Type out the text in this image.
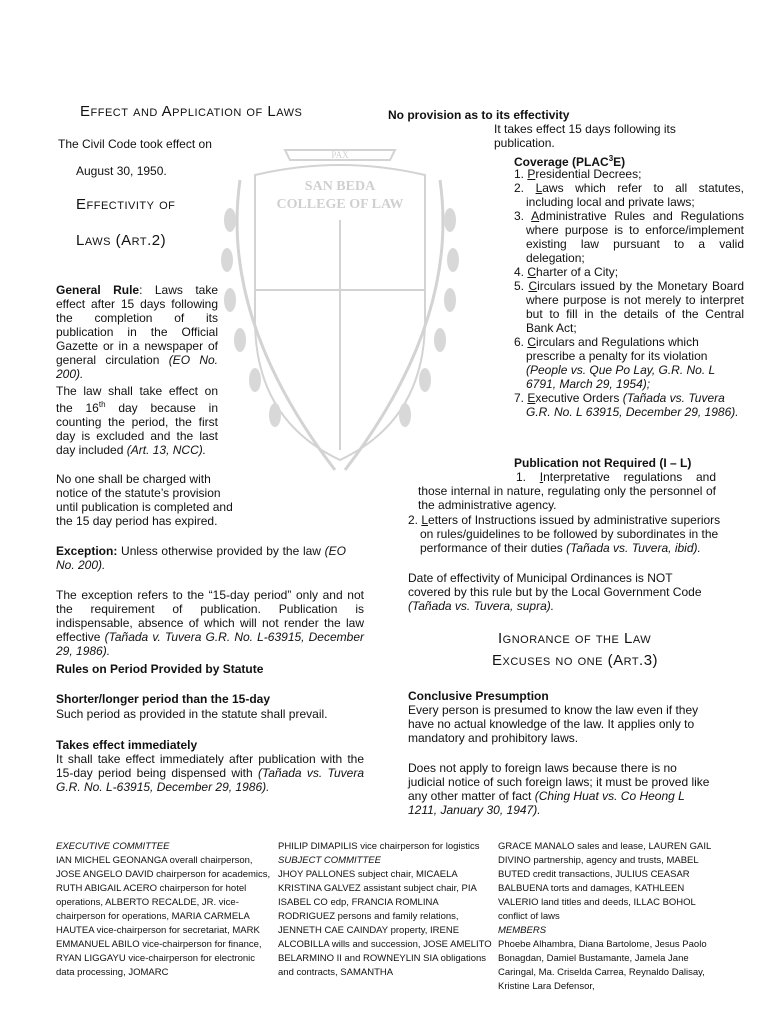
PAX
SAN BEDA
COLLEGE OF LAW
Effect and Application of Laws
The Civil Code took effect on
August 30, 1950.
Effectivity of
Laws (Art.2)
General Rule: Laws take effect after 15 days following the completion of its publication in the Official Gazette or in a newspaper of general circulation (EO No. 200).
The law shall take effect on the 16th day because in counting the period, the first day is excluded and the last day included (Art. 13, NCC).
No one shall be charged with notice of the statute’s provision until publication is completed and the 15 day period has expired.
Exception: Unless otherwise provided by the law (EO No. 200).
The exception refers to the “15-day period” only and not the requirement of publication. Publication is indispensable, absence of which will not render the law effective (Tañada v. Tuvera G.R. No. L-63915, December 29, 1986).
Rules on Period Provided by Statute
Shorter/longer period than the 15-day
Such period as provided in the statute shall prevail.
Takes effect immediately
It shall take effect immediately after publication with the 15-day period being dispensed with (Tañada vs. Tuvera G.R. No. L-63915, December 29, 1986).
No provision as to its effectivity
It takes effect 15 days following its publication.
Coverage (PLAC$^3$E)
1. Presidential Decrees;
2. Laws which refer to all statutes, including local and private laws;
3. Administrative Rules and Regulations where purpose is to enforce/implement existing law pursuant to a valid delegation;
4. Charter of a City;
5. Circulars issued by the Monetary Board where purpose is not merely to interpret but to fill in the details of the Central Bank Act;
6. Circulars and Regulations which prescribe a penalty for its violation (People vs. Que Po Lay, G.R. No. L 6791, March 29, 1954);
7. Executive Orders (Tañada vs. Tuvera G.R. No. L 63915, December 29, 1986).
Publication not Required (I – L)
1. Interpretative regulations and those internal in nature, regulating only the personnel of the administrative agency.
2. Letters of Instructions issued by administrative superiors on rules/guidelines to be followed by subordinates in the performance of their duties (Tañada vs. Tuvera, ibid).
Date of effectivity of Municipal Ordinances is NOT covered by this rule but by the Local Government Code (Tañada vs. Tuvera, supra).
Ignorance of the Law
Excuses no one (Art.3)
Conclusive Presumption
Every person is presumed to know the law even if they have no actual knowledge of the law. It applies only to mandatory and prohibitory laws.
Does not apply to foreign laws because there is no judicial notice of such foreign laws; it must be proved like any other matter of fact (Ching Huat vs. Co Heong L 1211, January 30, 1947).
EXECUTIVE COMMITTEE
IAN MICHEL GEONANGA overall chairperson, JOSE ANGELO DAVID chairperson for academics, RUTH ABIGAIL ACERO chairperson for hotel operations, ALBERTO RECALDE, JR. vice-chairperson for operations, MARIA CARMELA HAUTEA vice-chairperson for secretariat, MARK EMMANUEL ABILO vice-chairperson for finance, RYAN LIGGAYU vice-chairperson for electronic data processing, JOMARC
PHILIP DIMAPILIS vice chairperson for logistics
SUBJECT COMMITTEE
JHOY PALLONES subject chair, MICAELA KRISTINA GALVEZ assistant subject chair, PIA ISABEL CO edp, FRANCIA ROMLINA RODRIGUEZ persons and family relations, JENNETH CAE CAINDAY property, IRENE ALCOBILLA wills and succession, JOSE AMELITO BELARMINO II and ROWNEYLIN SIA obligations and contracts, SAMANTHA
GRACE MANALO sales and lease, LAUREN GAIL DIVINO partnership, agency and trusts, MABEL BUTED credit transactions, JULIUS CEASAR BALBUENA torts and damages, KATHLEEN VALERIO land titles and deeds, ILLAC BOHOL conflict of laws
MEMBERS
Phoebe Alhambra, Diana Bartolome, Jesus Paolo Bonagdan, Damiel Bustamante, Jamela Jane Caringal, Ma. Criselda Carrea, Reynaldo Dalisay, Kristine Lara Defensor,
